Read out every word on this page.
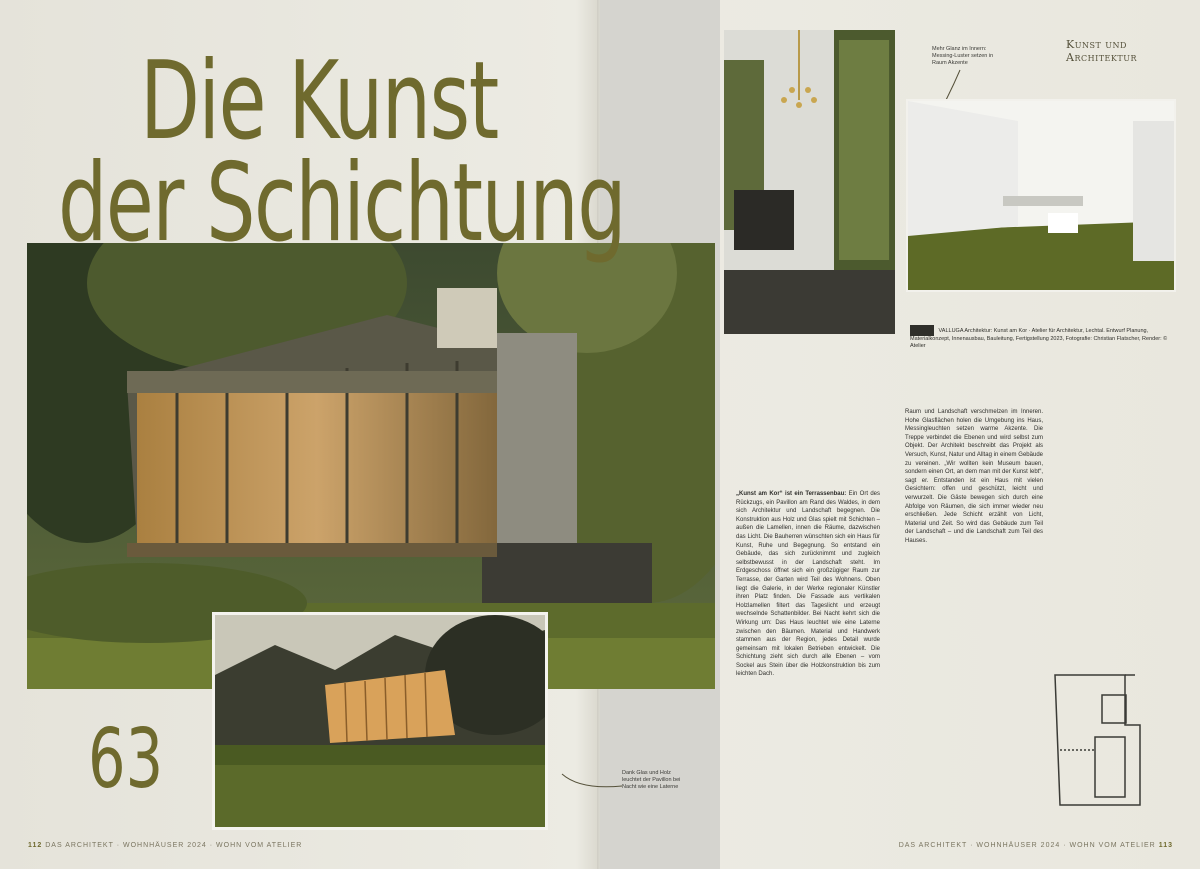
Die Kunst
der Schichtung
63	Dank Glas und Holz leuchtet der Pavillon bei Nacht wie eine Laterne
„Kunst am Kor“ ist ein Terrassenbau: Ein Ort des Rückzugs, ein Pavillon am Rand des Waldes, in dem sich Architektur und Landschaft begegnen. Die Konstruktion aus Holz und Glas spielt mit Schichten – außen die Lamellen, innen die Räume, dazwischen das Licht. Die Bauherren wünschten sich ein Haus für Kunst, Ruhe und Begegnung. So entstand ein Gebäude, das sich zurücknimmt und zugleich selbstbewusst in der Landschaft steht. Im Erdgeschoss öffnet sich ein großzügiger Raum zur Terrasse, der Garten wird Teil des Wohnens. Oben liegt die Galerie, in der Werke regionaler Künstler ihren Platz finden. Die Fassade aus vertikalen Holzlamellen filtert das Tageslicht und erzeugt wechselnde Schattenbilder. Bei Nacht kehrt sich die Wirkung um: Das Haus leuchtet wie eine Laterne zwischen den Bäumen. Material und Handwerk stammen aus der Region, jedes Detail wurde gemeinsam mit lokalen Betrieben entwickelt. Die Schichtung zieht sich durch alle Ebenen – vom Sockel aus Stein über die Holzkonstruktion bis zum leichten Dach.
Raum und Landschaft verschmelzen im Inneren. Hohe Glasflächen holen die Umgebung ins Haus, Messingleuchten setzen warme Akzente. Die Treppe verbindet die Ebenen und wird selbst zum Objekt. Der Architekt beschreibt das Projekt als Versuch, Kunst, Natur und Alltag in einem Gebäude zu vereinen. „Wir wollten kein Museum bauen, sondern einen Ort, an dem man mit der Kunst lebt“, sagt er. Entstanden ist ein Haus mit vielen Gesichtern: offen und geschützt, leicht und verwurzelt. Die Gäste bewegen sich durch eine Abfolge von Räumen, die sich immer wieder neu erschließen. Jede Schicht erzählt von Licht, Material und Zeit. So wird das Gebäude zum Teil der Landschaft – und die Landschaft zum Teil des Hauses.
Mehr Glanz im Innern: Messing-Luster setzen in Raum Akzente
Kunst und Architektur
VALLUGA Architektur: Kunst am Kor · Atelier für Architektur, Lechtal. Entwurf Planung, Materialkonzept, Innenausbau, Bauleitung, Fertigstellung 2023, Fotografie: Christian Flatscher, Render: © Atelier
112 DAS ARCHITEKT · WOHNHÄUSER 2024 · WOHN VOM ATELIER	DAS ARCHITEKT · WOHNHÄUSER 2024 · WOHN VOM ATELIER 113
